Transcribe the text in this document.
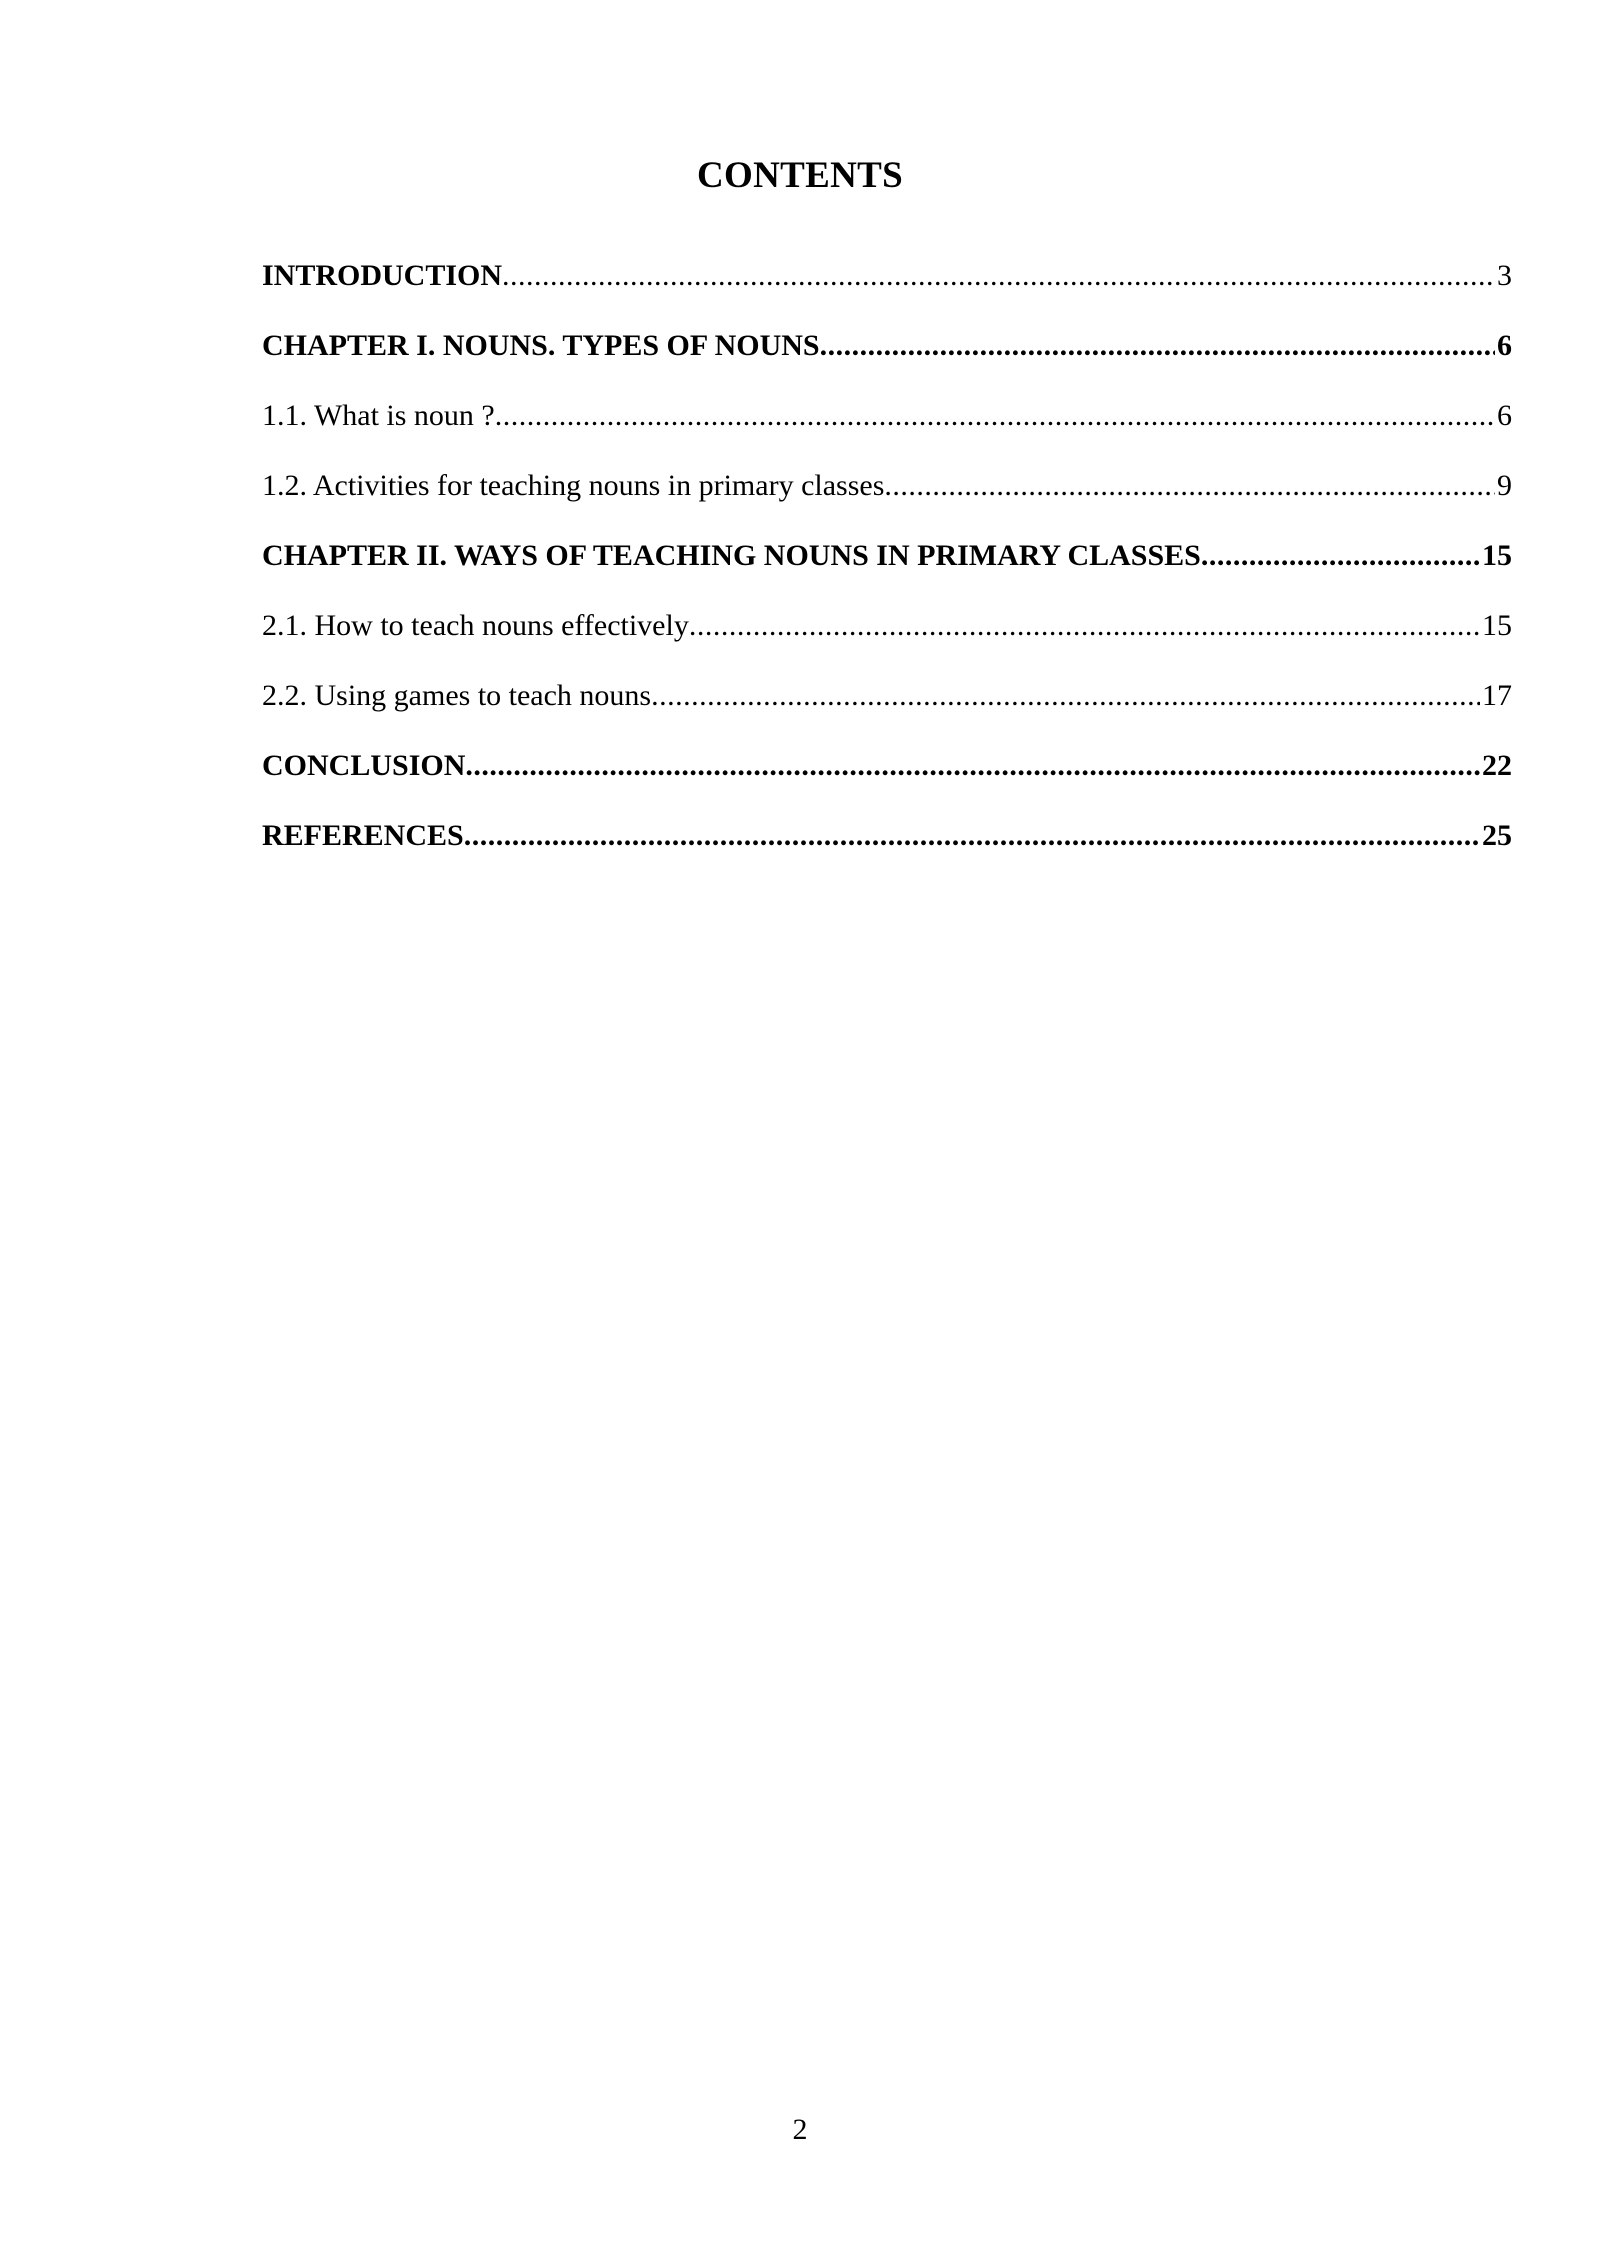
CONTENTS
INTRODUCTION .....	3
CHAPTER I. NOUNS. TYPES OF NOUNS .....	6
1.1. What is noun ? .....	6
1.2. Activities for teaching nouns in primary classes .....	9
CHAPTER II. WAYS OF TEACHING NOUNS IN PRIMARY CLASSES .....	15
2.1. How to teach nouns effectively .....	15
2.2. Using games to teach nouns .....	17
CONCLUSION .....	22
REFERENCES .....	25
2
